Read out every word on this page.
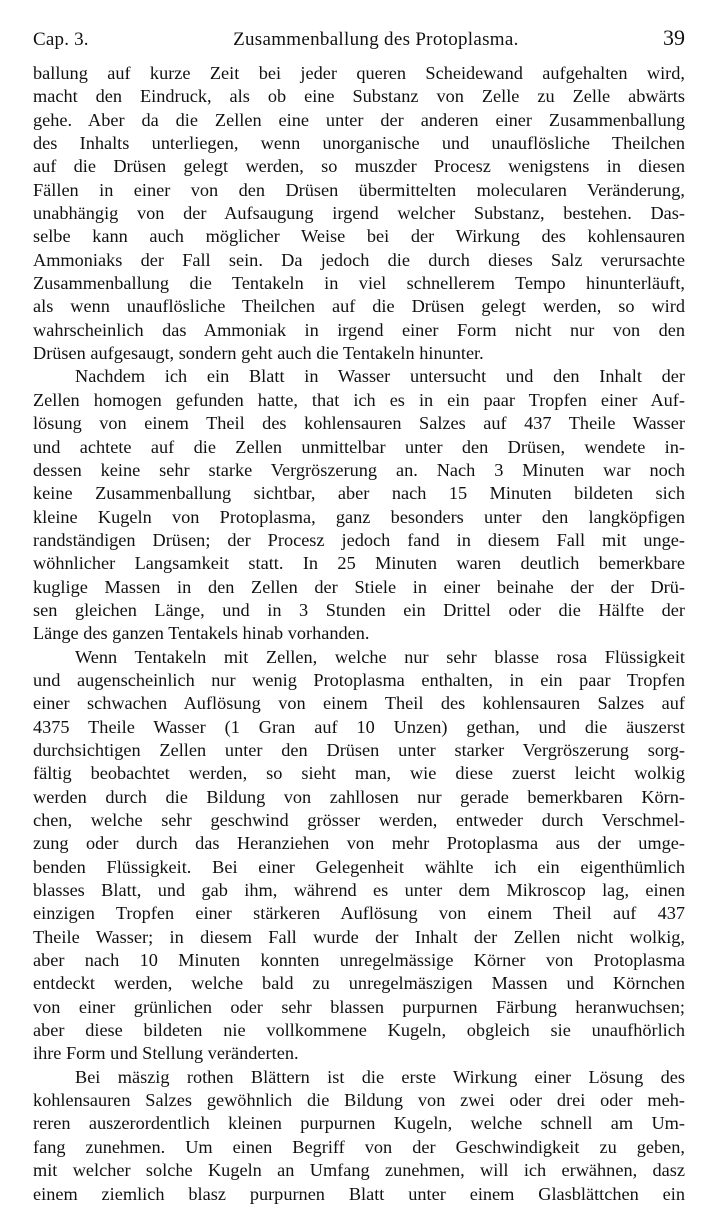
Cap. 3.	Zusammenballung des Protoplasma.	39

ballung auf kurze Zeit bei jeder queren Scheidewand aufgehalten wird,
macht den Eindruck, als ob eine Substanz von Zelle zu Zelle abwärts
gehe. Aber da die Zellen eine unter der anderen einer Zusammenballung
des Inhalts unterliegen, wenn unorganische und unauflösliche Theilchen
auf die Drüsen gelegt werden, so muszder Procesz wenigstens in diesen
Fällen in einer von den Drüsen übermittelten molecularen Veränderung,
unabhängig von der Aufsaugung irgend welcher Substanz, bestehen. Das-
selbe kann auch möglicher Weise bei der Wirkung des kohlensauren
Ammoniaks der Fall sein. Da jedoch die durch dieses Salz verursachte
Zusammenballung die Tentakeln in viel schnellerem Tempo hinunterläuft,
als wenn unauflösliche Theilchen auf die Drüsen gelegt werden, so wird
wahrscheinlich das Ammoniak in irgend einer Form nicht nur von den
Drüsen aufgesaugt, sondern geht auch die Tentakeln hinunter.

Nachdem ich ein Blatt in Wasser untersucht und den Inhalt der
Zellen homogen gefunden hatte, that ich es in ein paar Tropfen einer Auf-
lösung von einem Theil des kohlensauren Salzes auf 437 Theile Wasser
und achtete auf die Zellen unmittelbar unter den Drüsen, wendete in-
dessen keine sehr starke Vergröszerung an. Nach 3 Minuten war noch
keine Zusammenballung sichtbar, aber nach 15 Minuten bildeten sich
kleine Kugeln von Protoplasma, ganz besonders unter den langköpfigen
randständigen Drüsen; der Procesz jedoch fand in diesem Fall mit unge-
wöhnlicher Langsamkeit statt. In 25 Minuten waren deutlich bemerkbare
kuglige Massen in den Zellen der Stiele in einer beinahe der der Drü-
sen gleichen Länge, und in 3 Stunden ein Drittel oder die Hälfte der
Länge des ganzen Tentakels hinab vorhanden.

Wenn Tentakeln mit Zellen, welche nur sehr blasse rosa Flüssigkeit
und augenscheinlich nur wenig Protoplasma enthalten, in ein paar Tropfen
einer schwachen Auflösung von einem Theil des kohlensauren Salzes auf
4375 Theile Wasser (1 Gran auf 10 Unzen) gethan, und die äuszerst
durchsichtigen Zellen unter den Drüsen unter starker Vergröszerung sorg-
fältig beobachtet werden, so sieht man, wie diese zuerst leicht wolkig
werden durch die Bildung von zahllosen nur gerade bemerkbaren Körn-
chen, welche sehr geschwind grösser werden, entweder durch Verschmel-
zung oder durch das Heranziehen von mehr Protoplasma aus der umge-
benden Flüssigkeit. Bei einer Gelegenheit wählte ich ein eigenthümlich
blasses Blatt, und gab ihm, während es unter dem Mikroscop lag, einen
einzigen Tropfen einer stärkeren Auflösung von einem Theil auf 437
Theile Wasser; in diesem Fall wurde der Inhalt der Zellen nicht wolkig,
aber nach 10 Minuten konnten unregelmässige Körner von Protoplasma
entdeckt werden, welche bald zu unregelmäszigen Massen und Körnchen
von einer grünlichen oder sehr blassen purpurnen Färbung heranwuchsen;
aber diese bildeten nie vollkommene Kugeln, obgleich sie unaufhörlich
ihre Form und Stellung veränderten.

Bei mäszig rothen Blättern ist die erste Wirkung einer Lösung des
kohlensauren Salzes gewöhnlich die Bildung von zwei oder drei oder meh-
reren auszerordentlich kleinen purpurnen Kugeln, welche schnell am Um-
fang zunehmen. Um einen Begriff von der Geschwindigkeit zu geben,
mit welcher solche Kugeln an Umfang zunehmen, will ich erwähnen, dasz
einem ziemlich blasz purpurnen Blatt unter einem Glasblättchen ein
